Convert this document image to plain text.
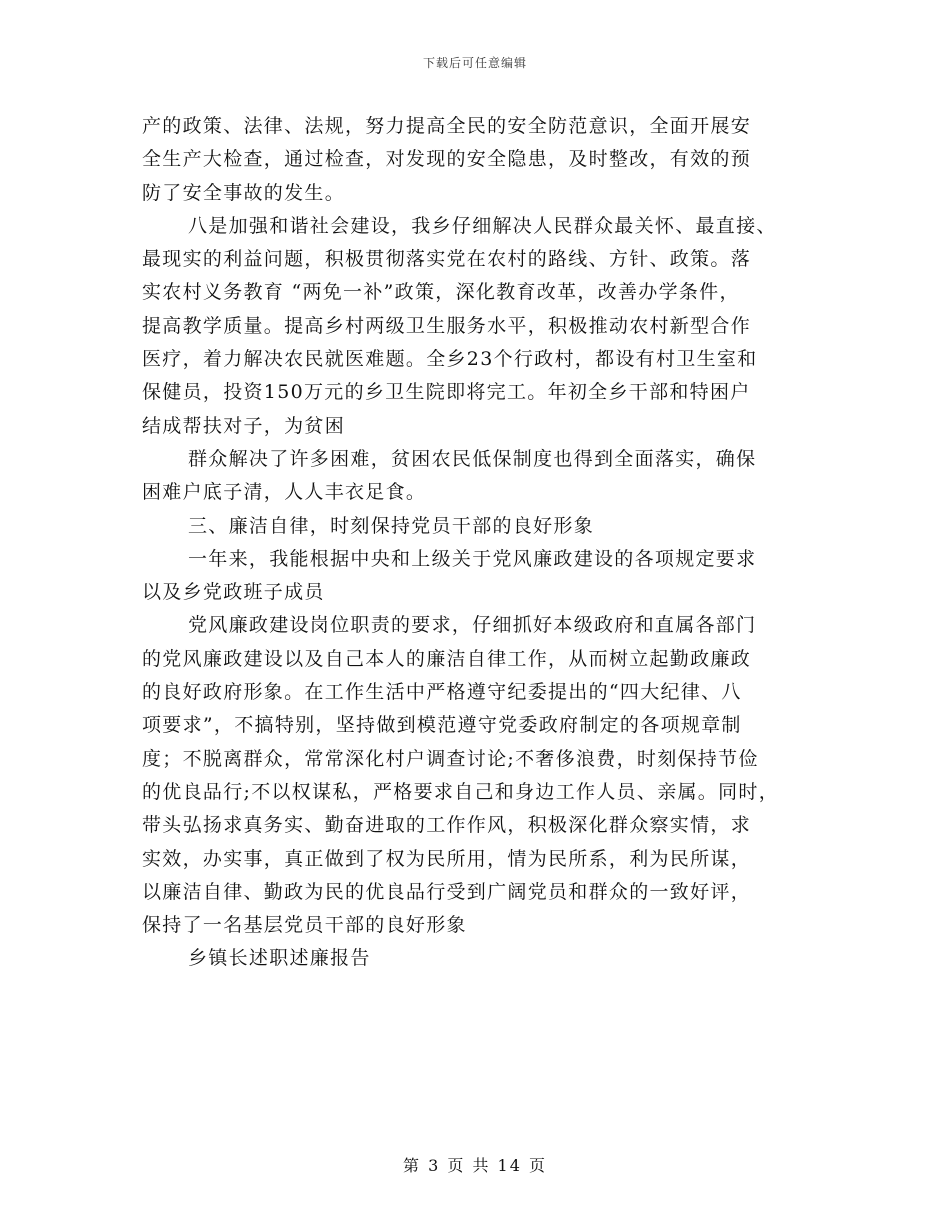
下载后可任意编辑
产的政策、法律、法规，努力提高全民的安全防范意识，全面开展安
全生产大检查，通过检查，对发现的安全隐患，及时整改，有效的预
防了安全事故的发生。
八是加强和谐社会建设，我乡仔细解决人民群众最关怀、最直接、
最现实的利益问题，积极贯彻落实党在农村的路线、方针、政策。落
实农村义务教育 “两免一补”政策，深化教育改革，改善办学条件，
提高教学质量。提高乡村两级卫生服务水平，积极推动农村新型合作
医疗，着力解决农民就医难题。全乡23个行政村，都设有村卫生室和
保健员，投资150万元的乡卫生院即将完工。年初全乡干部和特困户
结成帮扶对子，为贫困
群众解决了许多困难，贫困农民低保制度也得到全面落实，确保
困难户底子清，人人丰衣足食。
三、廉洁自律，时刻保持党员干部的良好形象
一年来，我能根据中央和上级关于党风廉政建设的各项规定要求
以及乡党政班子成员
党风廉政建设岗位职责的要求，仔细抓好本级政府和直属各部门
的党风廉政建设以及自己本人的廉洁自律工作，从而树立起勤政廉政
的良好政府形象。在工作生活中严格遵守纪委提出的“四大纪律、八
项要求”，不搞特别，坚持做到模范遵守党委政府制定的各项规章制
度；不脱离群众，常常深化村户调查讨论;不奢侈浪费，时刻保持节俭
的优良品行;不以权谋私，严格要求自己和身边工作人员、亲属。同时，
带头弘扬求真务实、勤奋进取的工作作风，积极深化群众察实情，求
实效，办实事，真正做到了权为民所用，情为民所系，利为民所谋，
以廉洁自律、勤政为民的优良品行受到广阔党员和群众的一致好评，
保持了一名基层党员干部的良好形象
乡镇长述职述廉报告
第 3 页 共 14 页
